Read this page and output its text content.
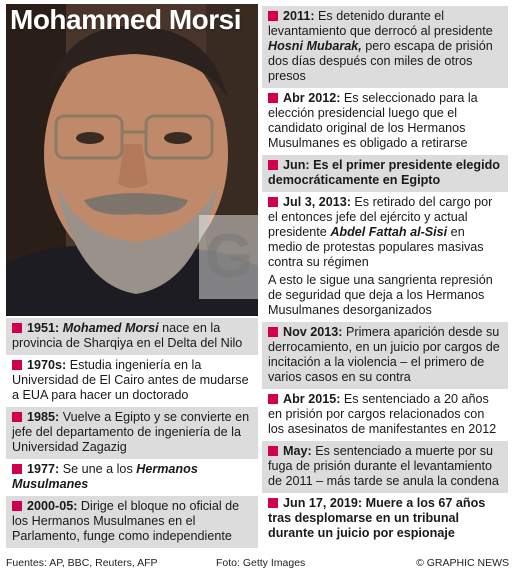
Mohammed Morsi
G
1951: Mohamed Morsi nace en la provincia de Sharqiya en el Delta del Nilo
1970s: Estudia ingeniería en la Universidad de El Cairo antes de mudarse a EUA para hacer un doctorado
1985: Vuelve a Egipto y se convierte en jefe del departamento de ingeniería de la Universidad Zagazig
1977: Se une a los Hermanos Musulmanes
2000-05: Dirige el bloque no oficial de los Hermanos Musulmanes en el Parlamento, funge como independiente
2011: Es detenido durante el levantamiento que derrocó al presidente Hosni Mubarak, pero escapa de prisión dos días después con miles de otros presos
Abr 2012: Es seleccionado para la elección presidencial luego que el candidato original de los Hermanos Musulmanes es obligado a retirarse
Jun: Es el primer presidente elegido democráticamente en Egipto
Jul 3, 2013: Es retirado del cargo por el entonces jefe del ejército y actual presidente Abdel Fattah al-Sisi en medio de protestas populares masivas contra su régimen
A esto le sigue una sangrienta represión de seguridad que deja a los Hermanos Musulmanes desorganizados
Nov 2013: Primera aparición desde su derrocamiento, en un juicio por cargos de incitación a la violencia – el primero de varios casos en su contra
Abr 2015: Es sentenciado a 20 años en prisión por cargos relacionados con los asesinatos de manifestantes en 2012
May: Es sentenciado a muerte por su fuga de prisión durante el levantamiento de 2011 – más tarde se anula la condena
Jun 17, 2019: Muere a los 67 años tras desplomarse en un tribunal durante un juicio por espionaje
Fuentes: AP, BBC, Reuters, AFP	Foto: Getty Images	© GRAPHIC NEWS
